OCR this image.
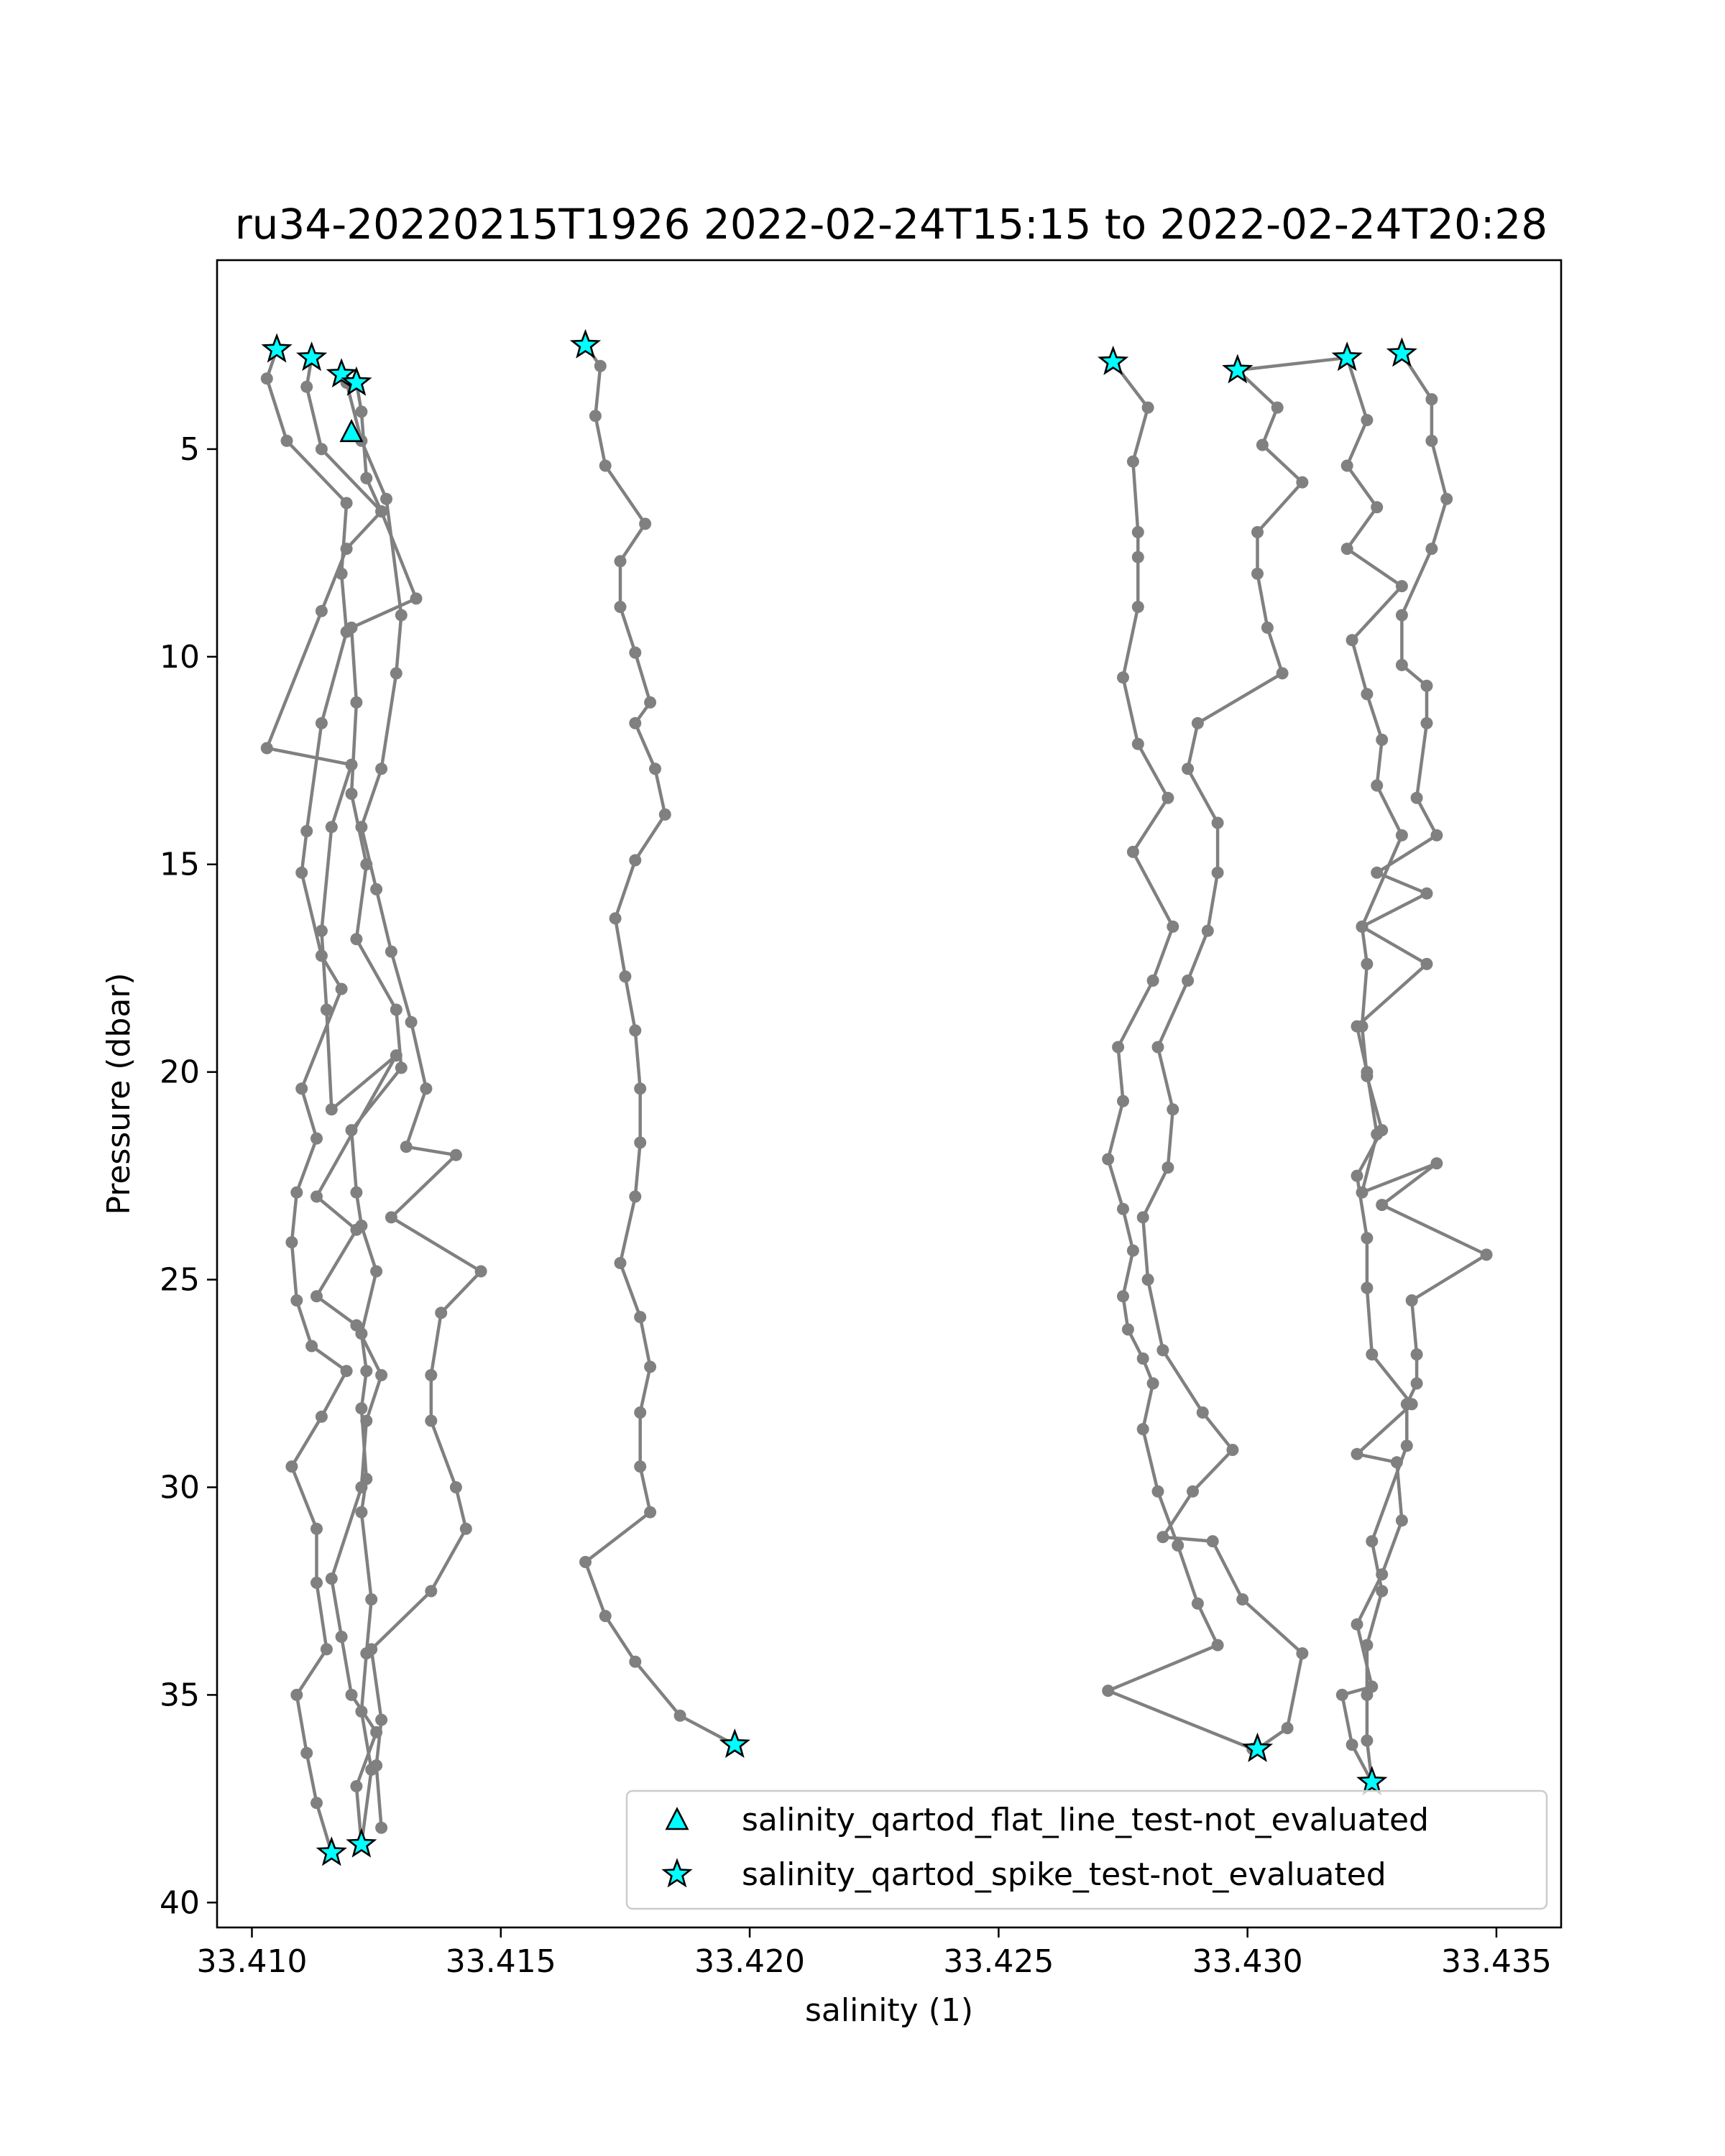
ru34-20220215T1926 2022-02-24T15:15 to 2022-02-24T20:28
33.410	33.415	33.420	33.425	33.430	33.435
5
10
15
20
25
30
35
40
salinity (1)
Pressure (dbar)
salinity_qartod_flat_line_test-not_evaluated
salinity_qartod_spike_test-not_evaluated
